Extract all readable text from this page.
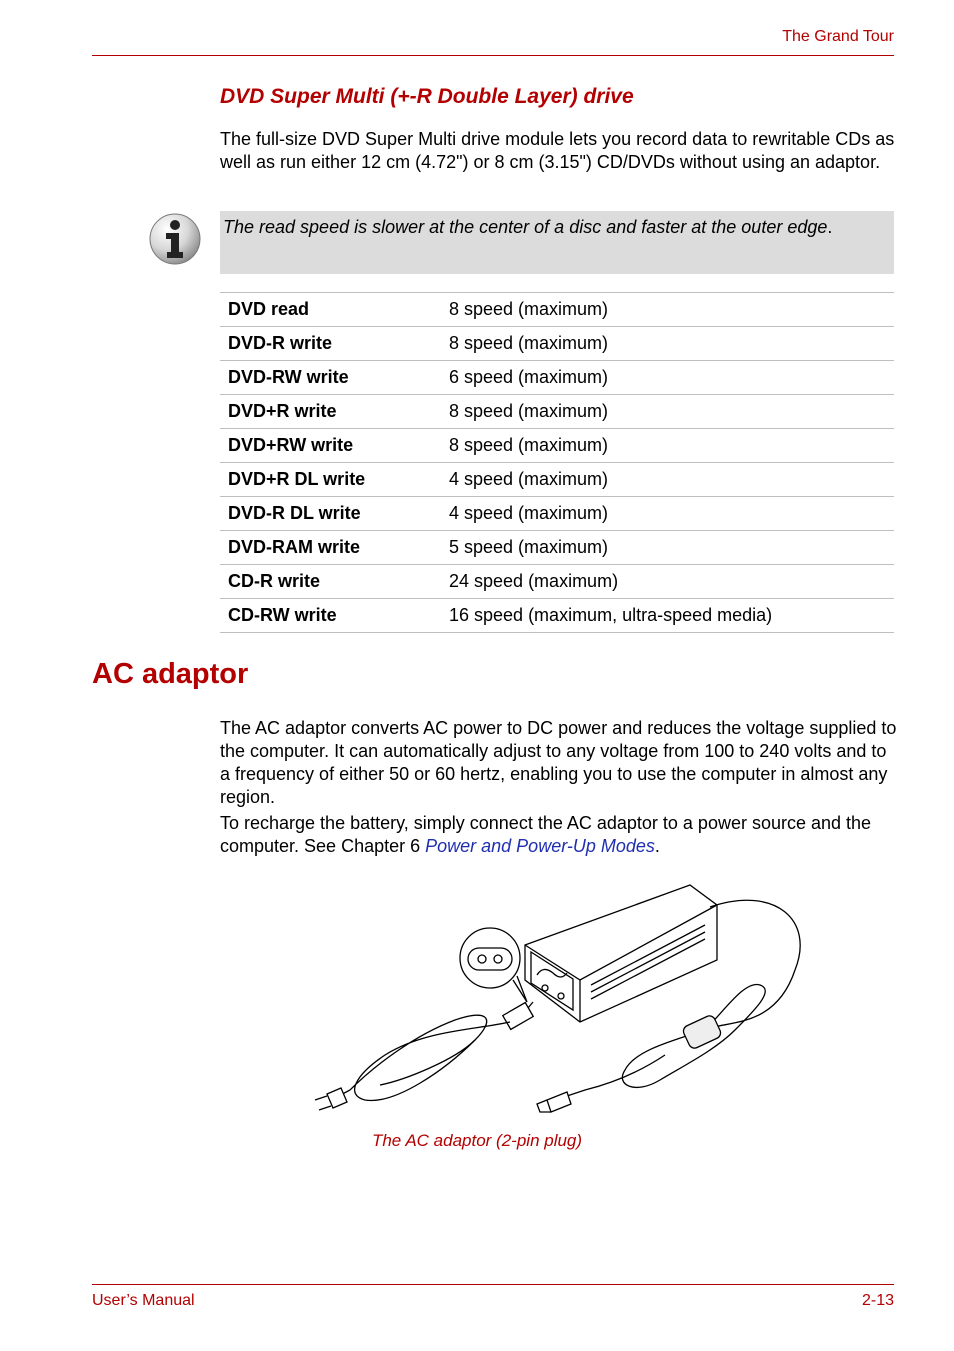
The Grand Tour
DVD Super Multi (+-R Double Layer) drive
The full-size DVD Super Multi drive module lets you record data to rewritable CDs as well as run either 12 cm (4.72") or 8 cm (3.15") CD/DVDs without using an adaptor.
The read speed is slower at the center of a disc and faster at the outer edge.
DVD read	8 speed (maximum)
DVD-R write	8 speed (maximum)
DVD-RW write	6 speed (maximum)
DVD+R write	8 speed (maximum)
DVD+RW write	8 speed (maximum)
DVD+R DL write	4 speed (maximum)
DVD-R DL write	4 speed (maximum)
DVD-RAM write	5 speed (maximum)
CD-R write	24 speed (maximum)
CD-RW write	16 speed (maximum, ultra-speed media)
AC adaptor
The AC adaptor converts AC power to DC power and reduces the voltage supplied to the computer. It can automatically adjust to any voltage from 100 to 240 volts and to a frequency of either 50 or 60 hertz, enabling you to use the computer in almost any region.
To recharge the battery, simply connect the AC adaptor to a power source and the computer. See Chapter 6 Power and Power-Up Modes.
The AC adaptor (2-pin plug)
User’s Manual	2-13
